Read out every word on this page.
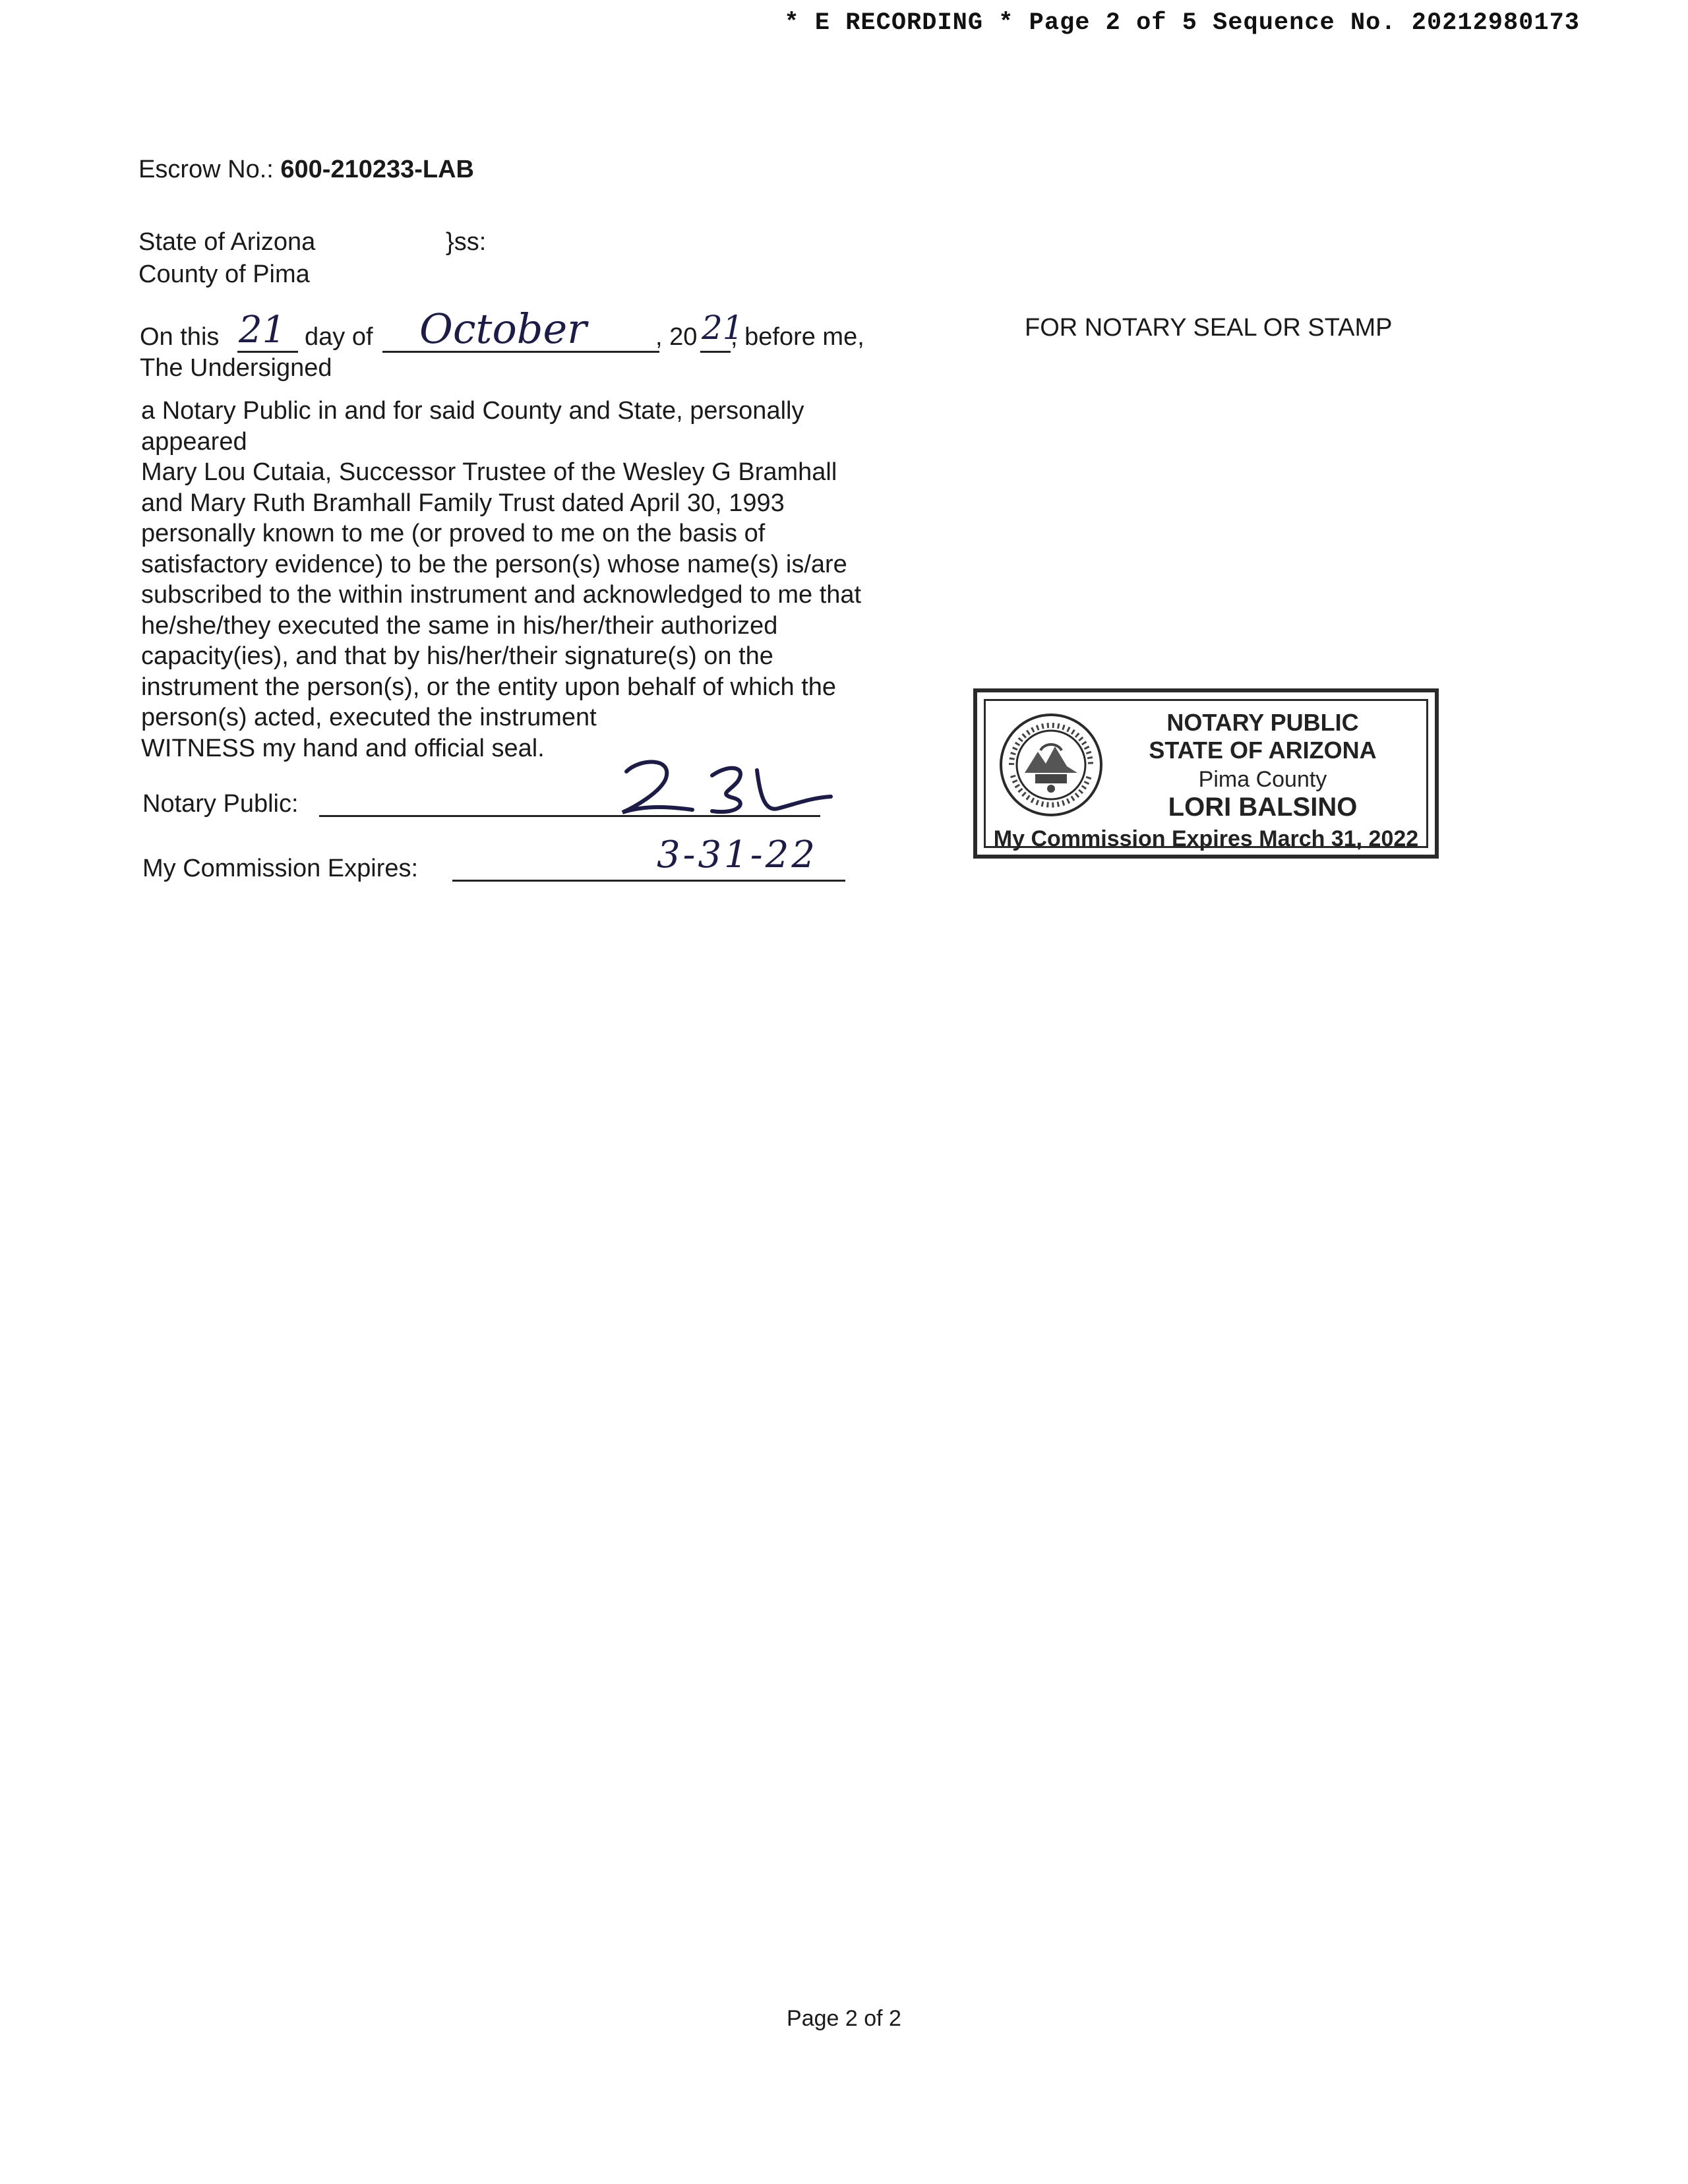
* E RECORDING * Page 2 of 5 Sequence No. 20212980173
Escrow No.: 600-210233-LAB
State of Arizona	}ss:
County of Pima
On this 21 day of October	, 20 21
, before me,
The Undersigned
a Notary Public in and for said County and State, personally
appeared
Mary Lou Cutaia, Successor Trustee of the Wesley G Bramhall
and Mary Ruth Bramhall Family Trust dated April 30, 1993
personally known to me (or proved to me on the basis of
satisfactory evidence) to be the person(s) whose name(s) is/are
subscribed to the within instrument and acknowledged to me that
he/she/they executed the same in his/her/their authorized
capacity(ies), and that by his/her/their signature(s) on the
instrument the person(s), or the entity upon behalf of which the
person(s) acted, executed the instrument
WITNESS my hand and official seal.
Notary Public:
My Commission Expires:	3-31-22
FOR NOTARY SEAL OR STAMP
NOTARY PUBLIC
STATE OF ARIZONA
Pima County
LORI BALSINO
My Commission Expires March 31, 2022
Page 2 of 2
